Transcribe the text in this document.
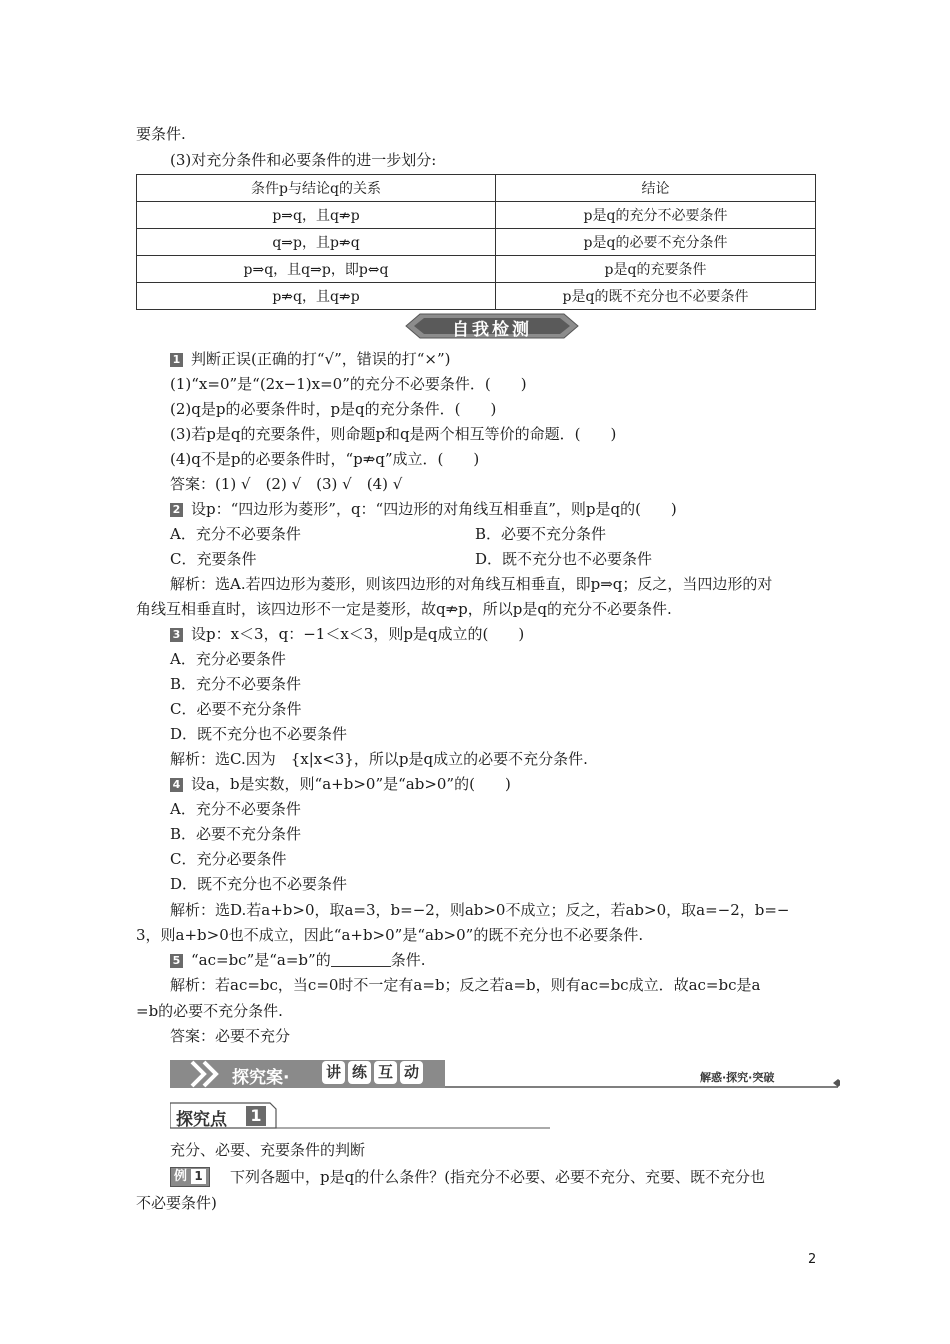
要条件.
(3)对充分条件和必要条件的进一步划分:
条件p与结论q的关系	结论
p⇒q，且q⇏p	p是q的充分不必要条件
q⇒p，且p⇏q	p是q的必要不充分条件
p⇒q，且q⇒p，即p⇔q	p是q的充要条件
p⇏q，且q⇏p	p是q的既不充分也不必要条件
自我检测
1 判断正误(正确的打“√”，错误的打“×”)
(1)“x=0”是“(2x−1)x=0”的充分不必要条件．(　　)
(2)q是p的必要条件时，p是q的充分条件．(　　)
(3)若p是q的充要条件，则命题p和q是两个相互等价的命题．(　　)
(4)q不是p的必要条件时，“p⇏q”成立．(　　)
答案：(1) √　(2) √　(3) √　(4) √
2 设p：“四边形为菱形”，q：“四边形的对角线互相垂直”，则p是q的(　　)
A．充分不必要条件	B．必要不充分条件
C．充要条件	D．既不充分也不必要条件
解析：选A.若四边形为菱形，则该四边形的对角线互相垂直，即p⇒q；反之，当四边形的对
角线互相垂直时，该四边形不一定是菱形，故q⇏p，所以p是q的充分不必要条件.
3 设p：x＜3，q：−1＜x＜3，则p是q成立的(　　)
A．充分必要条件
B．充分不必要条件
C．必要不充分条件
D．既不充分也不必要条件
解析：选C.因为　{x|x<3}，所以p是q成立的必要不充分条件.
4 设a，b是实数，则“a+b>0”是“ab>0”的(　　)
A．充分不必要条件
B．必要不充分条件
C．充分必要条件
D．既不充分也不必要条件
解析：选D.若a+b>0，取a=3，b=−2，则ab>0不成立；反之，若ab>0，取a=−2，b=−
3，则a+b>0也不成立，因此“a+b>0”是“ab>0”的既不充分也不必要条件.
5 “ac=bc”是“a=b”的	条件.
解析：若ac=bc，当c=0时不一定有a=b；反之若a=b，则有ac=bc成立．故ac=bc是a
=b的必要不充分条件.
答案：必要不充分
探究案· 讲 练 互 动	解惑·探究·突破
探究点 1
充分、必要、充要条件的判断
例 1 下列各题中，p是q的什么条件？(指充分不必要、必要不充分、充要、既不充分也
不必要条件)
2
